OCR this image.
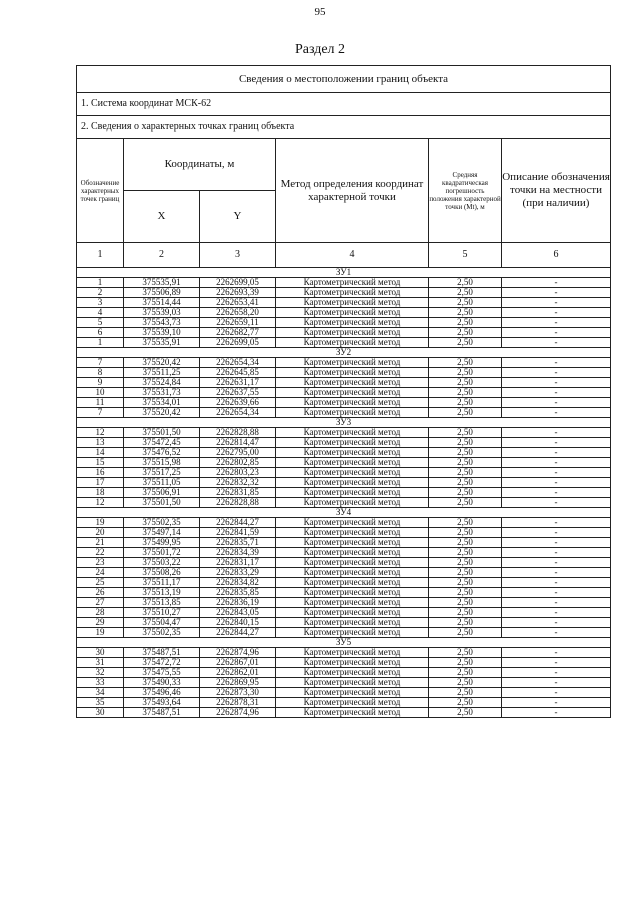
95
Раздел 2
Сведения о местоположении границ объекта					
1. Система координат МСК-62					
2. Сведения о характерных точках границ объекта					
Обозначение характерных точек границ	Координаты, м		Метод определения координат характерной точки	Средняя квадратическая погрешность положения характерной точки (Mt), м	Описание обозначения точки на местности (при наличии)
	X	Y			
1	2	3	4	5	6
ЗУ1					
1	375535,91	2262699,05	Картометрический метод	2,50	-
2	375506,89	2262693,39	Картометрический метод	2,50	-
3	375514,44	2262653,41	Картометрический метод	2,50	-
4	375539,03	2262658,20	Картометрический метод	2,50	-
5	375543,73	2262659,11	Картометрический метод	2,50	-
6	375539,10	2262682,77	Картометрический метод	2,50	-
1	375535,91	2262699,05	Картометрический метод	2,50	-
ЗУ2					
7	375520,42	2262654,34	Картометрический метод	2,50	-
8	375511,25	2262645,85	Картометрический метод	2,50	-
9	375524,84	2262631,17	Картометрический метод	2,50	-
10	375531,73	2262637,55	Картометрический метод	2,50	-
11	375534,01	2262639,66	Картометрический метод	2,50	-
7	375520,42	2262654,34	Картометрический метод	2,50	-
ЗУ3					
12	375501,50	2262828,88	Картометрический метод	2,50	-
13	375472,45	2262814,47	Картометрический метод	2,50	-
14	375476,52	2262795,00	Картометрический метод	2,50	-
15	375515,98	2262802,85	Картометрический метод	2,50	-
16	375517,25	2262803,23	Картометрический метод	2,50	-
17	375511,05	2262832,32	Картометрический метод	2,50	-
18	375506,91	2262831,85	Картометрический метод	2,50	-
12	375501,50	2262828,88	Картометрический метод	2,50	-
ЗУ4					
19	375502,35	2262844,27	Картометрический метод	2,50	-
20	375497,14	2262841,59	Картометрический метод	2,50	-
21	375499,95	2262835,71	Картометрический метод	2,50	-
22	375501,72	2262834,39	Картометрический метод	2,50	-
23	375503,22	2262831,17	Картометрический метод	2,50	-
24	375508,26	2262833,29	Картометрический метод	2,50	-
25	375511,17	2262834,82	Картометрический метод	2,50	-
26	375513,19	2262835,85	Картометрический метод	2,50	-
27	375513,85	2262836,19	Картометрический метод	2,50	-
28	375510,27	2262843,05	Картометрический метод	2,50	-
29	375504,47	2262840,15	Картометрический метод	2,50	-
19	375502,35	2262844,27	Картометрический метод	2,50	-
ЗУ5					
30	375487,51	2262874,96	Картометрический метод	2,50	-
31	375472,72	2262867,01	Картометрический метод	2,50	-
32	375475,55	2262862,01	Картометрический метод	2,50	-
33	375490,33	2262869,95	Картометрический метод	2,50	-
34	375496,46	2262873,30	Картометрический метод	2,50	-
35	375493,64	2262878,31	Картометрический метод	2,50	-
30	375487,51	2262874,96	Картометрический метод	2,50	-
